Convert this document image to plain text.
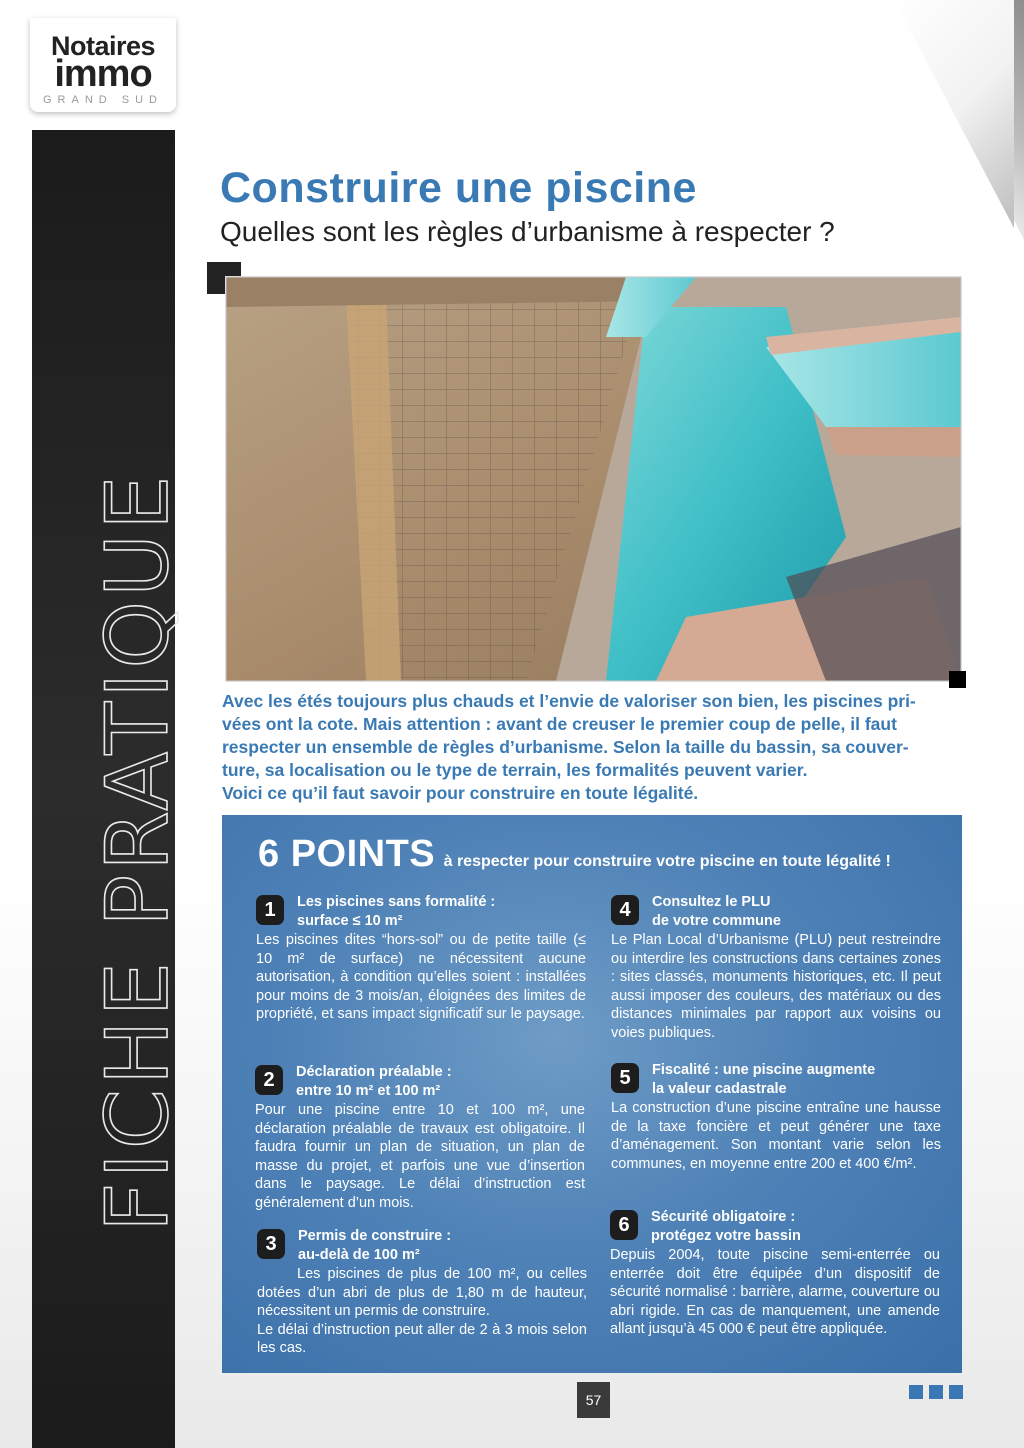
Notaires
immo
GRAND SUD
FICHE PRATIQUE
Construire une piscine
Quelles sont les règles d’urbanisme à respecter ?

Avec les étés toujours plus chauds et l’envie de valoriser son bien, les piscines pri-

vées ont la cote. Mais attention : avant de creuser le premier coup de pelle, il faut

respecter un ensemble de règles d’urbanisme. Selon la taille du bassin, sa couver-

ture, sa localisation ou le type de terrain, les formalités peuvent varier.

Voici ce qu’il faut savoir pour construire en toute légalité.

6 POINTS à respecter pour construire votre piscine en toute légalité !
1	Les piscines sans formalité :
surface ≤ 10 m²
Les piscines dites “hors-sol” ou de petite taille (≤ 10 m² de surface) ne nécessitent aucune autorisation, à condition qu’elles soient : installées pour moins de 3 mois/an, éloignées des limites de propriété, et sans impact significatif sur le paysage.
2	Déclaration préalable :
entre 10 m² et 100 m²
Pour une piscine entre 10 et 100 m², une déclaration préalable de travaux est obligatoire. Il faudra fournir un plan de situation, un plan de masse du projet, et parfois une vue d’insertion dans le paysage. Le délai d’instruction est généralement d’un mois.
3	Permis de construire :
au-delà de 100 m²
Les piscines de plus de 100 m², ou celles dotées d’un abri de plus de 1,80 m de hauteur, nécessitent un permis de construire.
Le délai d’instruction peut aller de 2 à 3 mois selon les cas.
4	Consultez le PLU
de votre commune
Le Plan Local d’Urbanisme (PLU) peut restreindre ou interdire les constructions dans certaines zones : sites classés, monuments historiques, etc. Il peut aussi imposer des couleurs, des matériaux ou des distances minimales par rapport aux voisins ou voies publiques.
5	Fiscalité : une piscine augmente
la valeur cadastrale
La construction d’une piscine entraîne une hausse de la taxe foncière et peut générer une taxe d’aménagement. Son montant varie selon les communes, en moyenne entre 200 et 400 €/m².
6	Sécurité obligatoire :
protégez votre bassin
Depuis 2004, toute piscine semi-enterrée ou enterrée doit être équipée d’un dispositif de sécurité normalisé : barrière, alarme, couverture ou abri rigide. En cas de manquement, une amende allant jusqu’à 45 000 € peut être appliquée.
57
